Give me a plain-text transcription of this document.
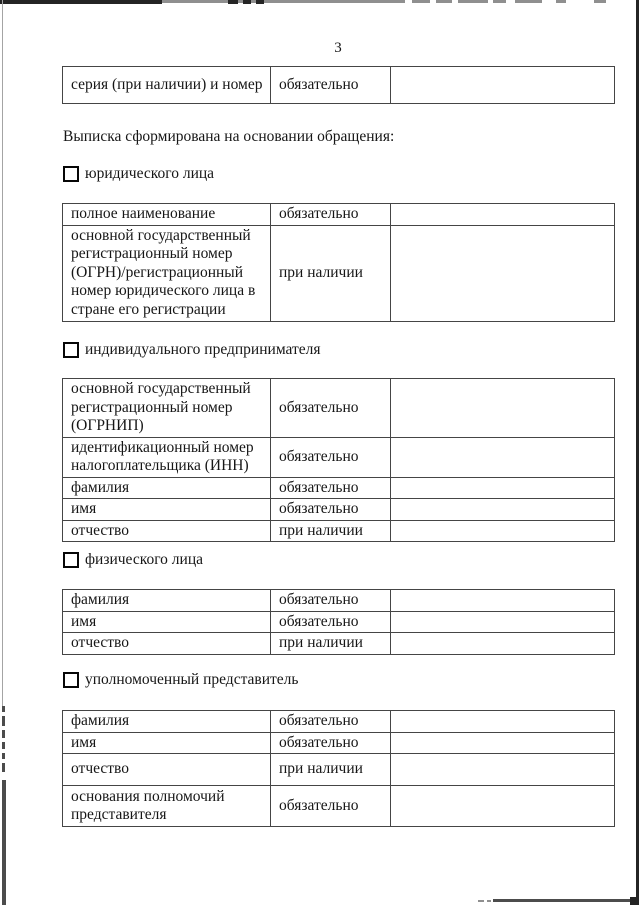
3
серия (при наличии) и номер	обязательно	
Выписка сформирована на основании обращения:
юридического лица
полное наименование	обязательно	
основной государственный регистрационный номер (ОГРН)/регистрационный номер юридического лица в стране его регистрации	при наличии	
индивидуального предпринимателя
основной государственный регистрационный номер (ОГРНИП)	обязательно	
идентификационный номер налогоплательщика (ИНН)	обязательно	
фамилия	обязательно	
имя	обязательно	
отчество	при наличии	
физического лица
фамилия	обязательно	
имя	обязательно	
отчество	при наличии	
уполномоченный представитель
фамилия	обязательно	
имя	обязательно	
отчество	при наличии	
основания полномочий представителя	обязательно	
